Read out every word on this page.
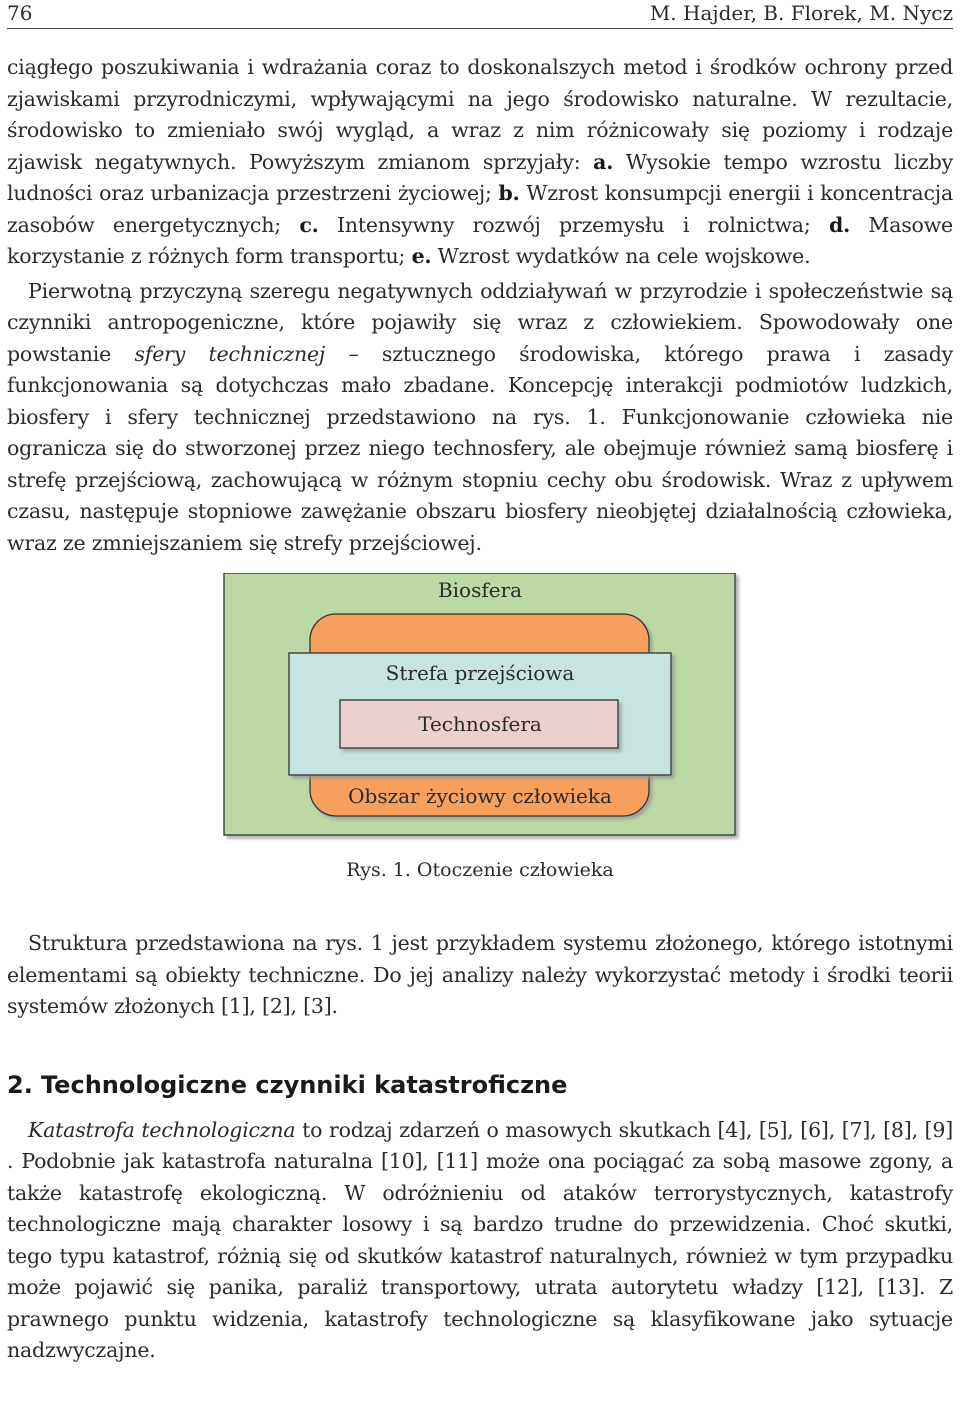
76	M. Hajder, B. Florek, M. Nycz

ciągłego poszukiwania i wdrażania coraz to doskonalszych metod i środków ochrony przed zjawiskami przyrodniczymi, wpływającymi na jego środowisko naturalne. W rezultacie, środowisko to zmieniało swój wygląd, a wraz z nim różnicowały się poziomy i rodzaje zjawisk negatywnych. Powyższym zmianom sprzyjały: a. Wysokie tempo wzrostu liczby ludności oraz urbanizacja przestrzeni życiowej; b. Wzrost konsumpcji energii i koncentracja zasobów energetycznych; c. Intensywny rozwój przemysłu i rolnictwa; d. Masowe korzystanie z różnych form transportu; e. Wzrost wydatków na cele wojskowe.

Pierwotną przyczyną szeregu negatywnych oddziaływań w przyrodzie i społeczeństwie są czynniki antropogeniczne, które pojawiły się wraz z człowiekiem. Spowodowały one powstanie sfery technicznej – sztucznego środowiska, którego prawa i zasady funkcjonowania są dotychczas mało zbadane. Koncepcję interakcji podmiotów ludzkich, biosfery i sfery technicznej przedstawiono na rys. 1. Funkcjonowanie człowieka nie ogranicza się do stworzonej przez niego technosfery, ale obejmuje również samą biosferę i strefę przejściową, zachowującą w różnym stopniu cechy obu środowisk. Wraz z upływem czasu, następuje stopniowe zawężanie obszaru biosfery nieobjętej działalnością człowieka, wraz ze zmniejszaniem się strefy przejściowej.

Biosfera
Strefa przejściowa
Technosfera
Obszar życiowy człowieka
Rys. 1. Otoczenie człowieka

Struktura przedstawiona na rys. 1 jest przykładem systemu złożonego, którego istotnymi elementami są obiekty techniczne. Do jej analizy należy wykorzystać metody i środki teorii systemów złożonych [1], [2], [3].

2. Technologiczne czynniki katastroficzne

Katastrofa technologiczna to rodzaj zdarzeń o masowych skutkach [4], [5], [6], [7], [8], [9] . Podobnie jak katastrofa naturalna [10], [11] może ona pociągać za sobą masowe zgony, a także katastrofę ekologiczną. W odróżnieniu od ataków terrorystycznych, katastrofy technologiczne mają charakter losowy i są bardzo trudne do przewidzenia. Choć skutki, tego typu katastrof, różnią się od skutków katastrof naturalnych, również w tym przypadku może pojawić się panika, paraliż transportowy, utrata autorytetu władzy [12], [13]. Z prawnego punktu widzenia, katastrofy technologiczne są klasyfikowane jako sytuacje nadzwyczajne.
